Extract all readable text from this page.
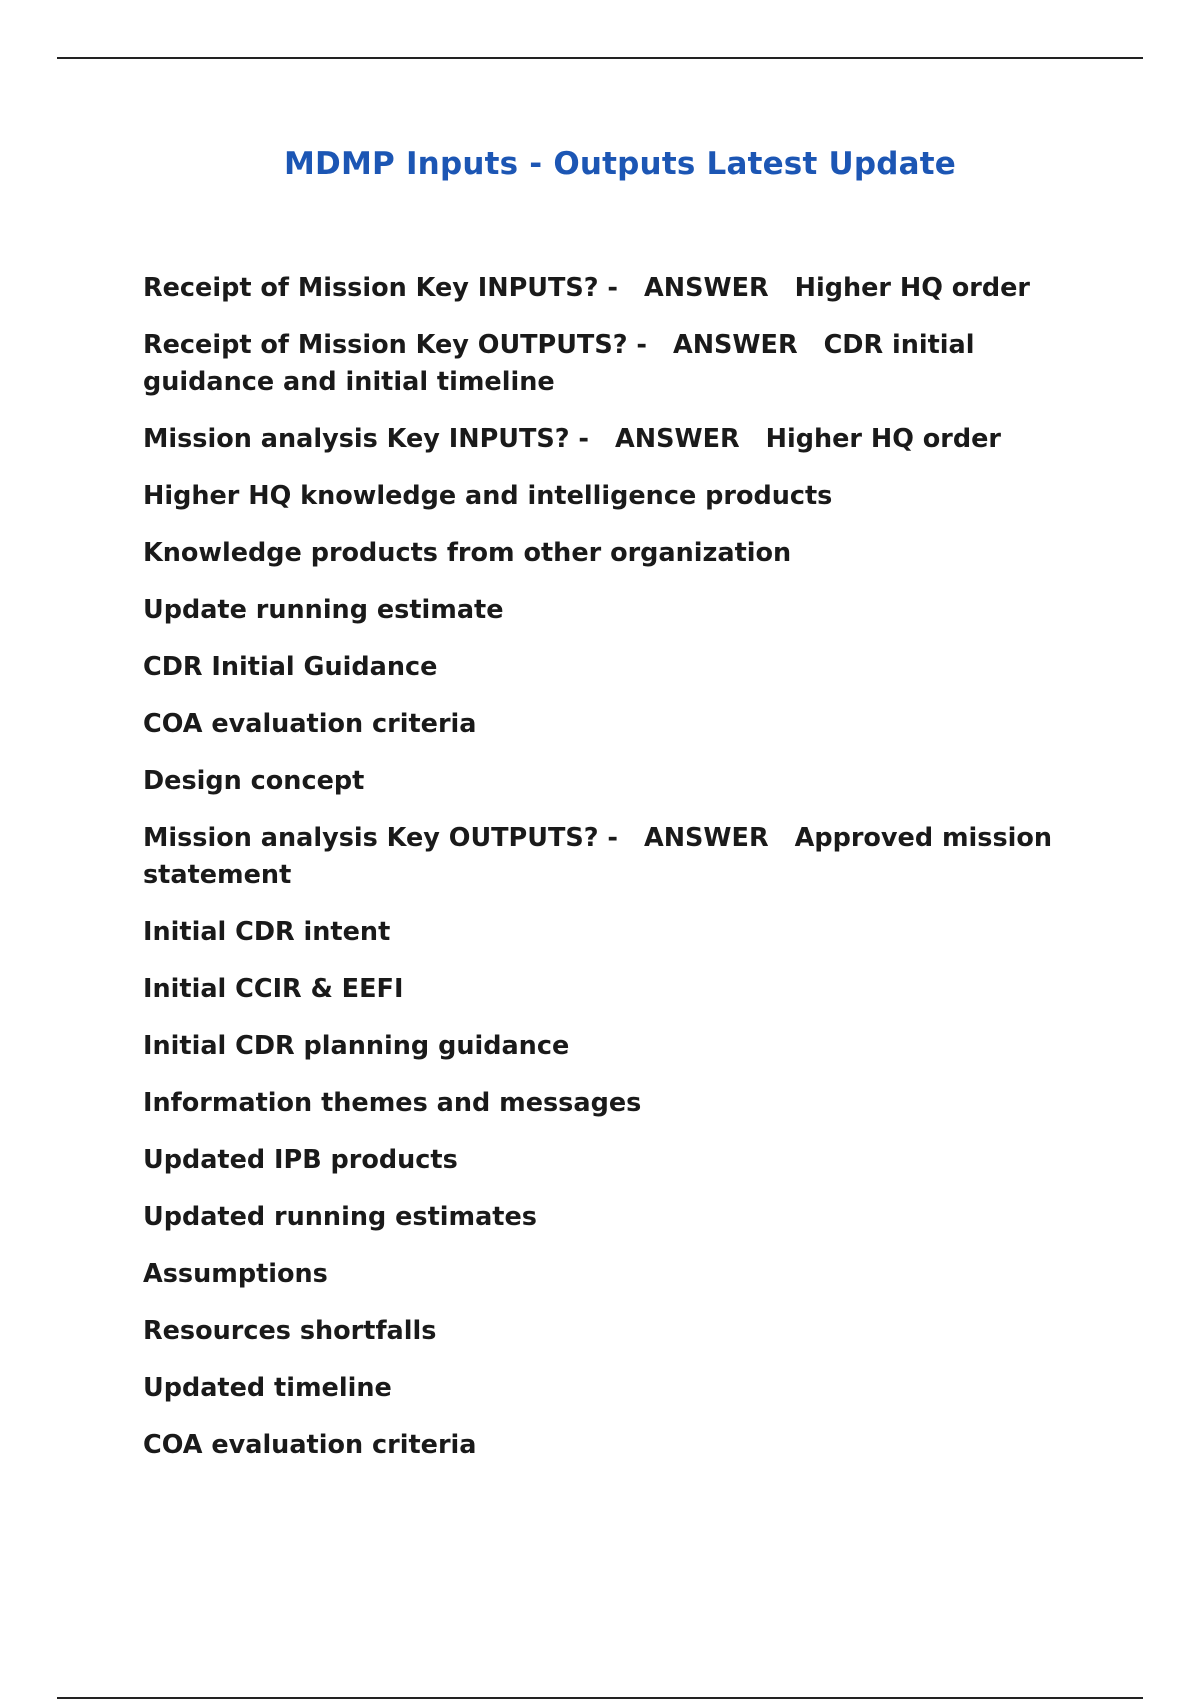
MDMP Inputs - Outputs Latest Update

Receipt of Mission Key INPUTS? - ANSWER Higher HQ order

Receipt of Mission Key OUTPUTS? - ANSWER CDR initial guidance and initial timeline

Mission analysis Key INPUTS? - ANSWER Higher HQ order

Higher HQ knowledge and intelligence products

Knowledge products from other organization

Update running estimate

CDR Initial Guidance

COA evaluation criteria

Design concept

Mission analysis Key OUTPUTS? - ANSWER Approved mission statement

Initial CDR intent

Initial CCIR & EEFI

Initial CDR planning guidance

Information themes and messages

Updated IPB products

Updated running estimates

Assumptions

Resources shortfalls

Updated timeline

COA evaluation criteria
